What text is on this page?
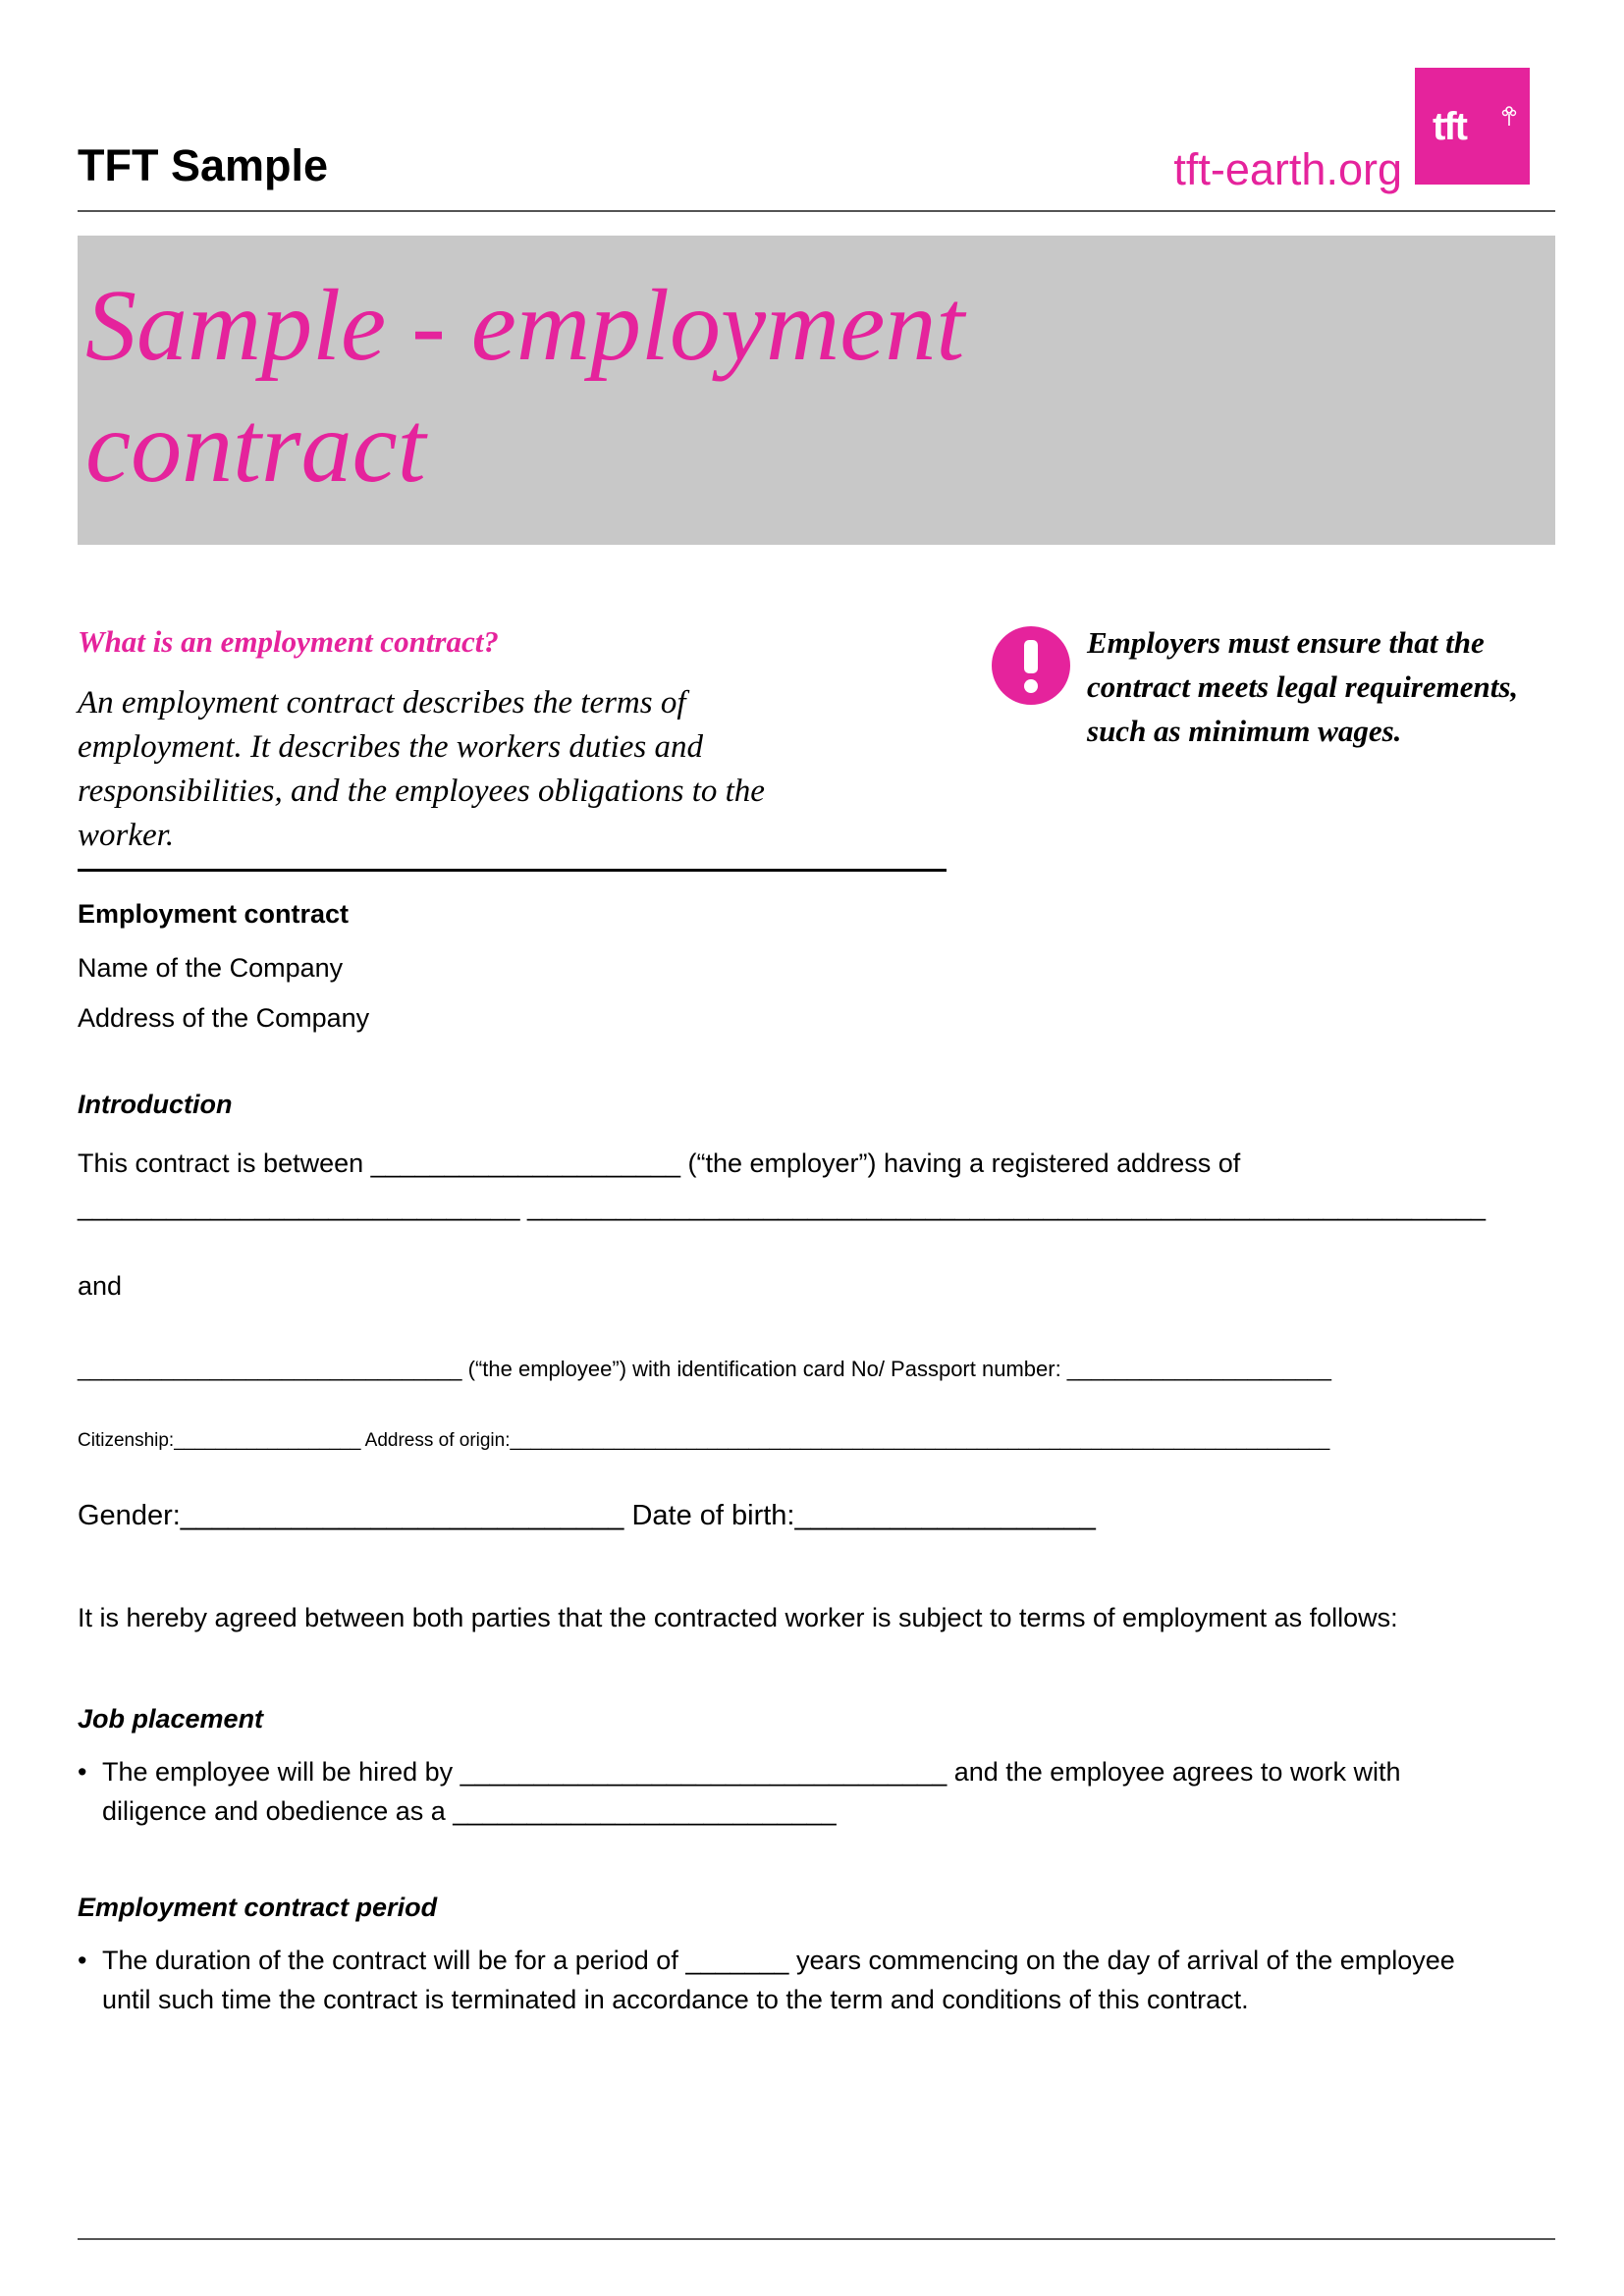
TFT Sample	tft-earth.org
tft
Sample - employment
contract
What is an employment contract?
An employment contract describes the terms of employment. It describes the workers duties and responsibilities, and the employees obligations to the worker.
Employers must ensure that the contract meets legal requirements, such as minimum wages.
Employment contract
Name of the Company
Address of the Company
Introduction
This contract is between _____________________ (“the employer”) having a registered address of
______________________________ _________________________________________________________________
and
________________________________ (“the employee”) with identification card No/ Passport number: ______________________
Citizenship:__________________ Address of origin:_______________________________________________________________________________
Gender:____________________________ Date of birth:___________________
It is hereby agreed between both parties that the contracted worker is subject to terms of employment as follows:
Job placement
• The employee will be hired by _________________________________ and the employee agrees to work with diligence and obedience as a __________________________
Employment contract period
• The duration of the contract will be for a period of _______ years commencing on the day of arrival of the employee until such time the contract is terminated in accordance to the term and conditions of this contract.
